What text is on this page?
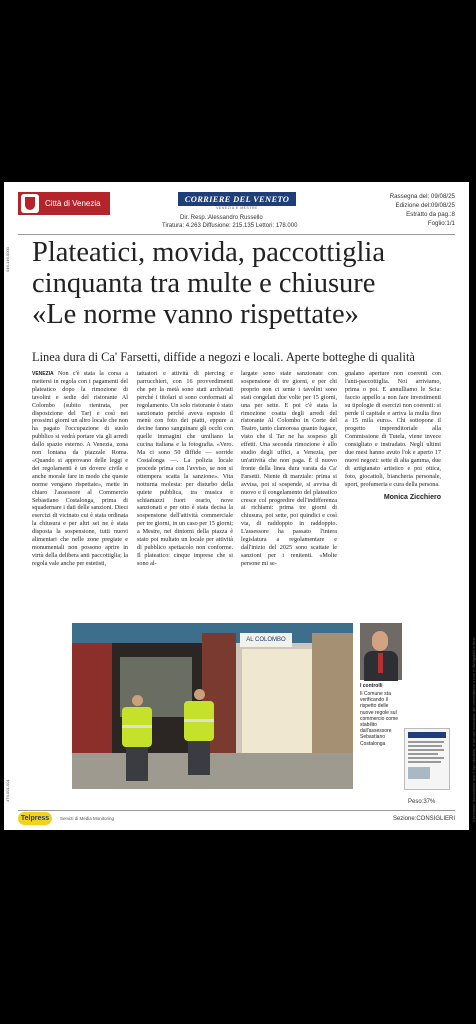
Città di Venezia	CORRIERE DEL VENETO
VENEZIA E MESTRE
Dir. Resp.:Alessandro Russello
Tiratura: 4.263 Diffusione: 215.135 Lettori: 178.000
Rassegna del: 09/08/25
Edizione del:09/08/25
Estratto da pag.:8
Foglio:1/1
046-146-0000
479-001-001	Il presente documento non è riproducibile, è ad uso esclusivo del committente e non è divulgabile a terzi.
Plateatici, movida, paccottiglia
cinquanta tra multe e chiusure
«Le norme vanno rispettate»
Linea dura di Ca' Farsetti, diffide a negozi e locali. Aperte botteghe di qualità

VENEZIA Non c'è stata la corsa a mettersi in regola con i pagamenti del plateatico dopo la rimozione di tavolini e sedie del ristorante Al Colombo (subito rientrata, per disposizione del Tar) e così nei prossimi giorni un altro locale che non ha pagato l'occupazione di suolo pubblico si vedrà portare via gli arredi dallo spazio esterno. A Venezia, zona non lontana da piazzale Roma. «Quando si approvano delle leggi e dei regolamenti è un dovere civile e anche morale fare in modo che queste norme vengano rispettate», mette in chiaro l'assessore al Commercio Sebastiano Costalonga, prima di squadernare i dati delle sanzioni. Dieci esercizi di vicinato cui è stata ordinata la chiusura e per altri sei ne è stata disposta la sospensione, tutti nuovi alimentari che nelle zone pregiate e monumentali non possono aprire in virtù della delibera anti paccottiglia; la regola vale anche per estetisti,

tatuatori e attività di piercing e parrucchieri, con 16 provvedimenti che per la metà sono stati archiviati perché i titolari si sono conformati al regolamento. Un solo ristorante è stato sanzionato perché aveva esposto il menù con foto dei piatti, eppure a decine fanno sanguinare gli occhi con quelle immagini che umiliano la cucina italiana e la fotografia. «Vero. Ma ci sono 50 diffide — sorride Costalonga —. La polizia locale procede prima con l'avviso, se non si ottempera scatta la sanzione». Vita notturna molesta: per disturbo della quiete pubblica, tra musica e schiamazzi fuori orario, nove sanzionati e per otto è stata decisa la sospensione dell'attività commerciale per tre giorni, in un caso per 15 giorni; a Mestre, nei dintorni della piazza è stato poi multato un locale per attività di pubblico spettacolo non conforme. Il plateatico: cinque imprese che si sono al-

largate sono state sanzionate con sospensione di tre giorni, e per chi proprio non ci sente i tavolini sono stati congelati due volte per 15 giorni, una per sette. E poi c'è stata la rimozione coatta degli arredi del ristorante Al Colombo in Corte del Teatro, tanto clamorosa quanto fugace, visto che il Tar ne ha sospeso gli effetti. Una seconda rimozione è allo studio degli uffici, a Venezia, per un'attività che non paga. È il nuovo fronte della linea dura varata da Ca' Farsetti. Niente di marziale: prima si avvisa, poi si sospende, si avvisa di nuovo e il congelamento del plateatico cresce col progredire dell'indifferenza ai richiami: prima tre giorni di chiusura, poi sette, poi quindici e così via, di raddoppio in raddoppio. L'assessore ha passato l'intera legislatura a regolamentare e dall'inizio del 2025 sono scattate le sanzioni per i renitenti. «Molte persone mi se-

gnalano aperture non coerenti con l'anti-paccottiglia. Noi arriviamo, prima o poi. E annulliamo le Scia: faccio appello a non fare investimenti su tipologie di esercizi non coerenti: si perde il capitale e arriva la multa fino a 15 mila euro». Chi sottopone il progetto imprenditoriale alla Commissione di Tutela, viene invece consigliato e instradato. Negli ultimi due mesi hanno avuto l'ok e aperto 17 nuovi negozi: sette di alta gamma, due di artigianato artistico e poi ottica, foto, giocattoli, biancheria personale, sport, profumeria e cura della persona.

Monica Zicchiero
AL COLOMBO
I controlli
Il Comune sta verificando il rispetto delle nuove regole sul commercio come stabilito dall'assessore Sebastiano Costalonga
Peso:37%
Telpress	Servizi di Media Monitoring	Sezione:CONSIGLIERI
